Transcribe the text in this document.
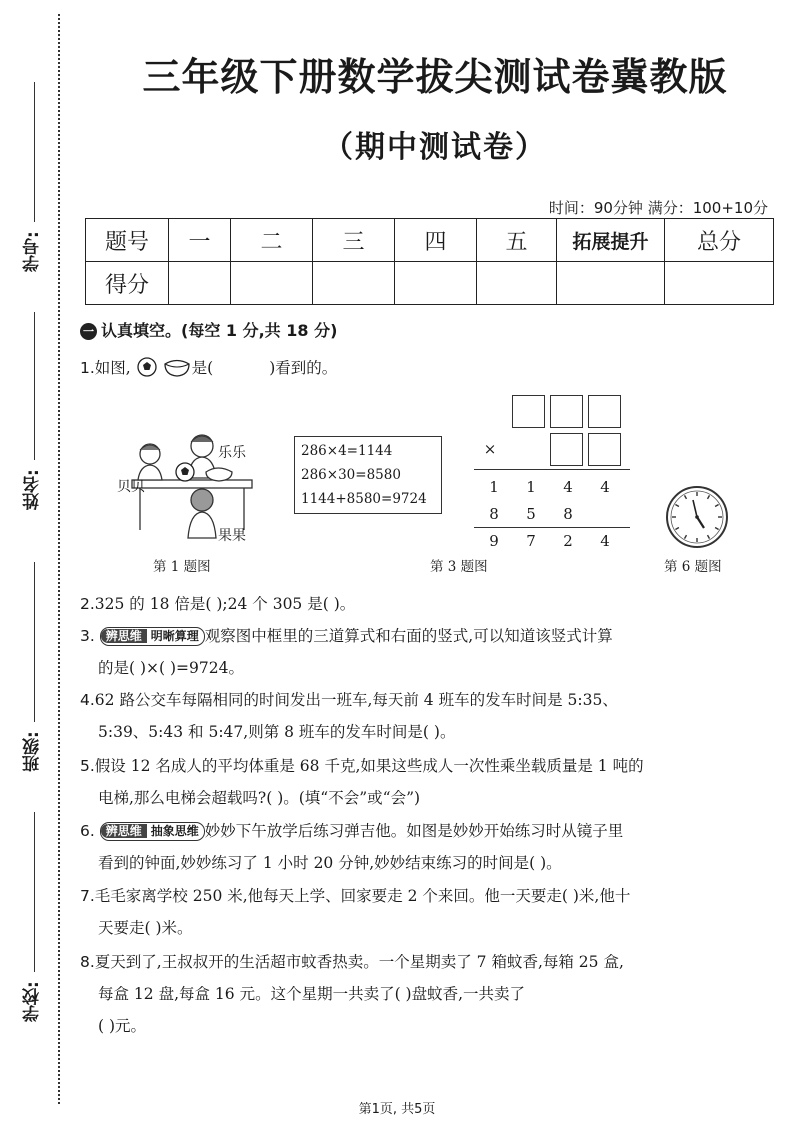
学号:
姓名:
班级:
学校:
三年级下册数学拔尖测试卷冀教版
（期中测试卷）
时间：90分钟 满分：100+10分
题号	一	二	三	四	五	拓展提升	总分
得分							
一 认真填空。(每空 1 分,共 18 分)
1.如图,	是(	)看到的。
乐乐
贝贝
果果
第 1 题图
286×4=1144
286×30=8580
1144+8580=9724
×
1	1	4	4
8	5	8
9	7	2	4
第 3 题图	第 6 题图
2.325 的 18 倍是( );24 个 305 是( )。
3. 辨思维 明晰算理 观察图中框里的三道算式和右面的竖式,可以知道该竖式计算
的是( )×( )=9724。
4.62 路公交车每隔相同的时间发出一班车,每天前 4 班车的发车时间是 5:35、
5:39、5:43 和 5:47,则第 8 班车的发车时间是( )。
5.假设 12 名成人的平均体重是 68 千克,如果这些成人一次性乘坐载质量是 1 吨的
电梯,那么电梯会超载吗?( )。(填“不会”或“会”)
6. 辨思维 抽象思维 妙妙下午放学后练习弹吉他。如图是妙妙开始练习时从镜子里
看到的钟面,妙妙练习了 1 小时 20 分钟,妙妙结束练习的时间是( )。
7.毛毛家离学校 250 米,他每天上学、回家要走 2 个来回。他一天要走( )米,他十
天要走( )米。
8.夏天到了,王叔叔开的生活超市蚊香热卖。一个星期卖了 7 箱蚊香,每箱 25 盒,
每盒 12 盘,每盒 16 元。这个星期一共卖了( )盘蚊香,一共卖了
( )元。
第1页, 共5页
